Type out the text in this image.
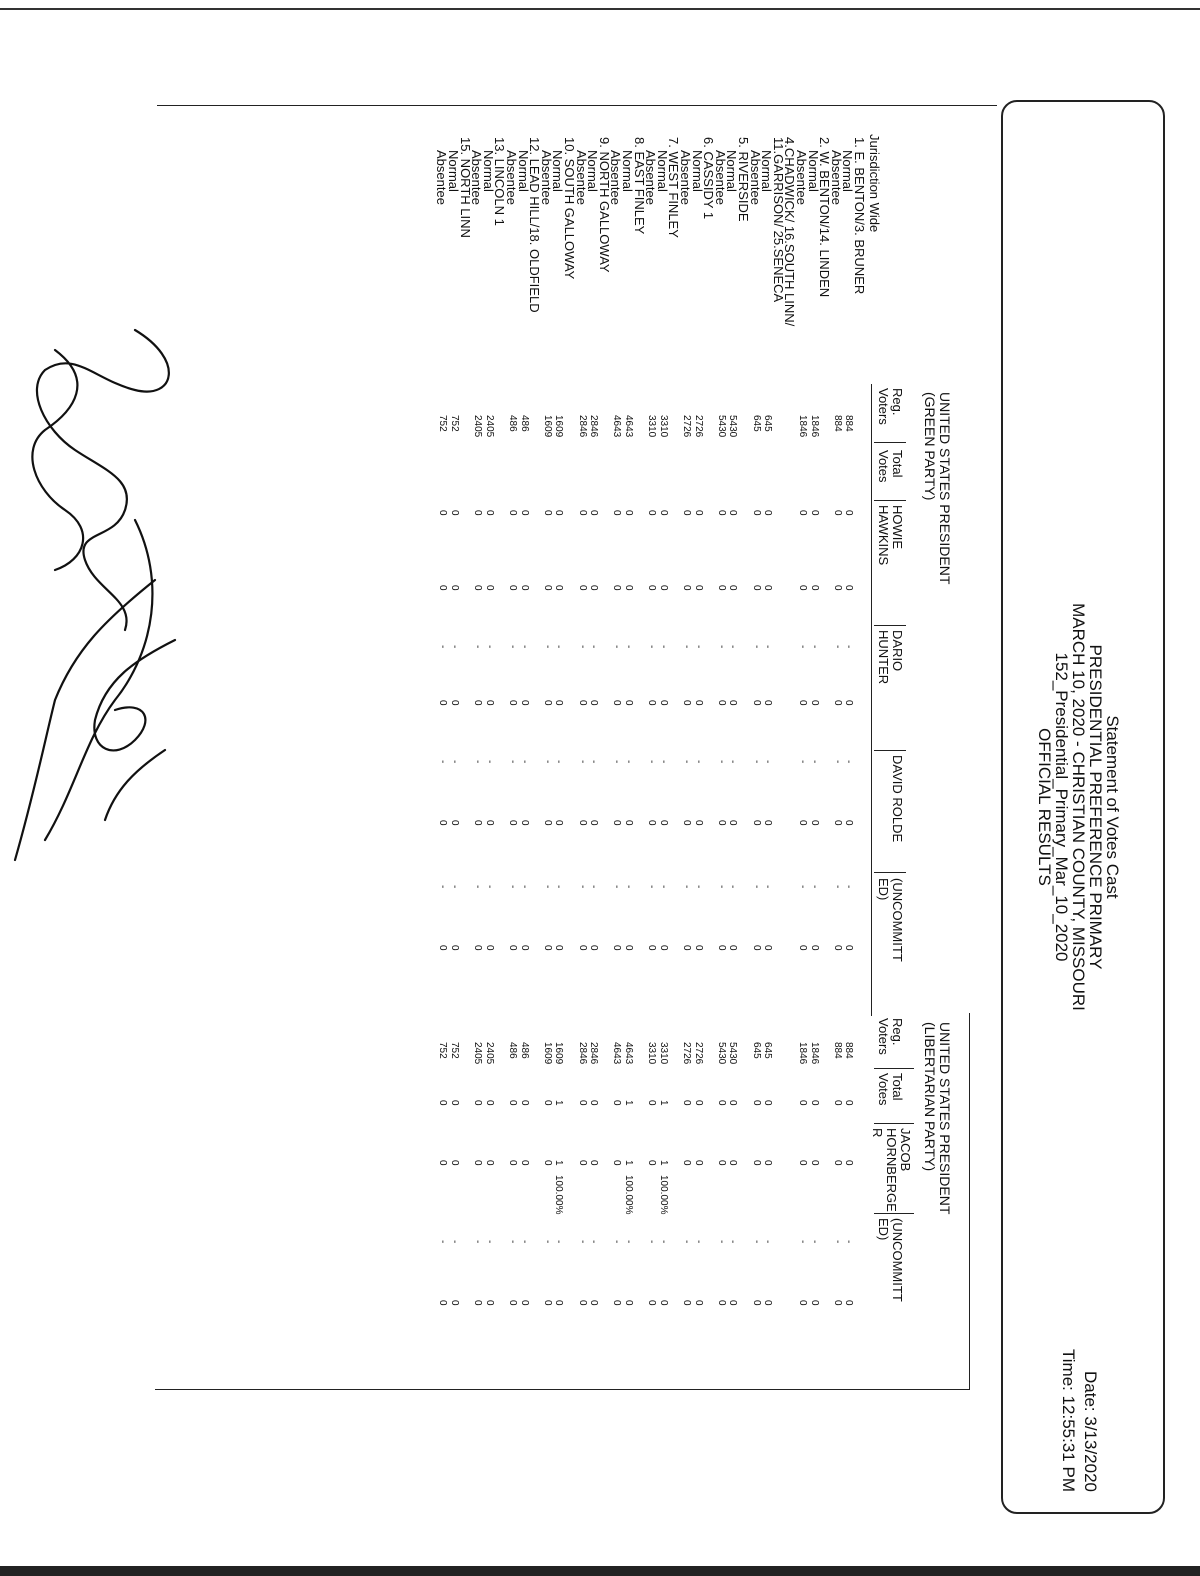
Statement of Votes Cast
PRESIDENTIAL PREFERENCE PRIMARY
MARCH 10, 2020 - CHRISTIAN COUNTY, MISSOURI
152_Presidential_Primary_Mar_10_2020
OFFICIAL RESULTS
Date: 3/13/2020
Time: 12:55:31 PM
Jurisdiction Wide
1. E. BENTON/3. BRUNER
Normal
Absentee
2. W. BENTON/14. LINDEN
Normal
Absentee
4.CHADWICK/ 16.SOUTH LINN/
11.GARRISON/ 25.SENECA
Normal
Absentee
5. RIVERSIDE
Normal
Absentee
6. CASSIDY 1
Normal
Absentee
7. WEST FINLEY
Normal
Absentee
8. EAST FINLEY
Normal
Absentee
9. NORTH GALLOWAY
Normal
Absentee
10. SOUTH GALLOWAY
Normal
Absentee
12. LEAD HILL/18. OLDFIELD
Normal
Absentee
13. LINCOLN 1
Normal
Absentee
15. NORTH LINN
Normal
Absentee
UNITED STATES PRESIDENT
(GREEN PARTY)
UNITED STATES PRESIDENT
(LIBERTARIAN PARTY)
Reg.
Voters
Total
Votes
HOWIE
HAWKINS
DARIO
HUNTER
DAVID ROLDE
(UNCOMMITT
ED)
Reg.
Voters
Total
Votes
JACOB
HORNBERGE
R
(UNCOMMITT
ED)
884
0
0
0
0
0
884
0
0
0
-
-
-
-
884
0
0
0
0
0
884
0
0
0
-
-
-
-
1846
0
0
0
0
0
1846
0
0
0
-
-
-
-
1846
0
0
0
0
0
1846
0
0
0
-
-
-
-
645
0
0
0
0
0
645
0
0
0
-
-
-
-
645
0
0
0
0
0
645
0
0
0
-
-
-
-
5430
0
0
0
0
0
5430
0
0
0
-
-
-
-
5430
0
0
0
0
0
5430
0
0
0
-
-
-
-
2726
0
0
0
0
0
2726
0
0
0
-
-
-
-
2726
0
0
0
0
0
2726
0
0
0
-
-
-
-
3310
0
0
0
0
0
3310
1
1
0
-
-
-
-
100.00%
3310
0
0
0
0
0
3310
0
0
0
-
-
-
-
4643
0
0
0
0
0
4643
1
1
0
-
-
-
-
100.00%
4643
0
0
0
0
0
4643
0
0
0
-
-
-
-
2846
0
0
0
0
0
2846
0
0
0
-
-
-
-
2846
0
0
0
0
0
2846
0
0
0
-
-
-
-
1609
0
0
0
0
0
1609
1
1
0
-
-
-
-
100.00%
1609
0
0
0
0
0
1609
0
0
0
-
-
-
-
486
0
0
0
0
0
486
0
0
0
-
-
-
-
486
0
0
0
0
0
486
0
0
0
-
-
-
-
2405
0
0
0
0
0
2405
0
0
0
-
-
-
-
2405
0
0
0
0
0
2405
0
0
0
-
-
-
-
752
0
0
0
0
0
752
0
0
0
-
-
-
-
752
0
0
0
0
0
752
0
0
0
-
-
-
-
